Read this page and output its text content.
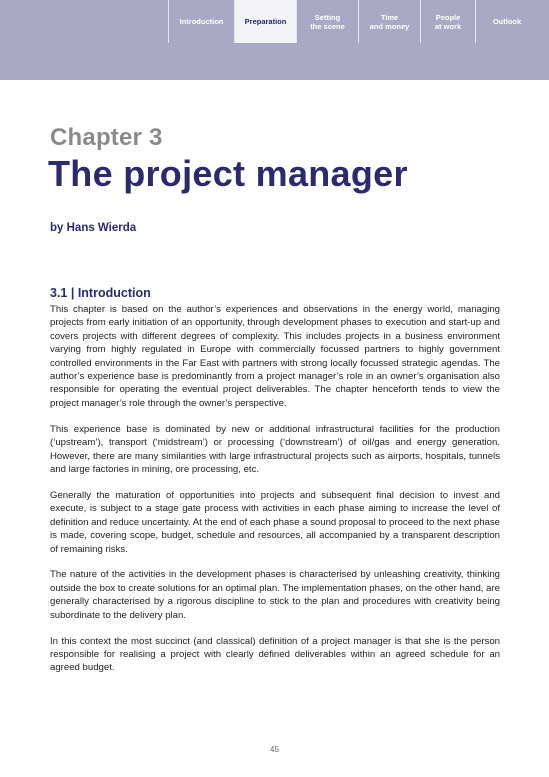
Introduction	Preparation	Setting
the scene
Time
and money
People
at work	Outlook
Chapter 3
The project manager
by Hans Wierda
3.1 | Introduction

This chapter is based on the author’s experiences and observations in the energy world, managing projects from early initiation of an opportunity, through development phases to execution and start-up and covers projects with different degrees of complexity. This includes projects in a business environment varying from highly regulated in Europe with commercially focussed partners to highly government controlled environments in the Far East with partners with strong locally focussed strategic agendas. The author’s experience base is predominantly from a project manager’s role in an owner’s organisation also responsible for operating the eventual project deliverables. The chapter henceforth tends to view the project manager’s role through the owner’s perspective.

This experience base is dominated by new or additional infrastructural facilities for the production (‘upstream’), transport (‘midstream’) or processing (‘downstream’) of oil/gas and energy generation. However, there are many similarities with large infrastructural projects such as airports, hospitals, tunnels and large factories in mining, ore processing, etc.

Generally the maturation of opportunities into projects and subsequent final decision to invest and execute, is subject to a stage gate process with activities in each phase aiming to increase the level of definition and reduce uncertainty. At the end of each phase a sound proposal to proceed to the next phase is made, covering scope, budget, schedule and resources, all accompanied by a transparent description of remaining risks.

The nature of the activities in the development phases is characterised by unleashing creativity, thinking outside the box to create solutions for an optimal plan. The implementation phases, on the other hand, are generally characterised by a rigorous discipline to stick to the plan and procedures with creativity being subordinate to the delivery plan.

In this context the most succinct (and classical) definition of a project manager is that she is the person responsible for realising a project with clearly defined deliverables within an agreed schedule for an agreed budget.

45
